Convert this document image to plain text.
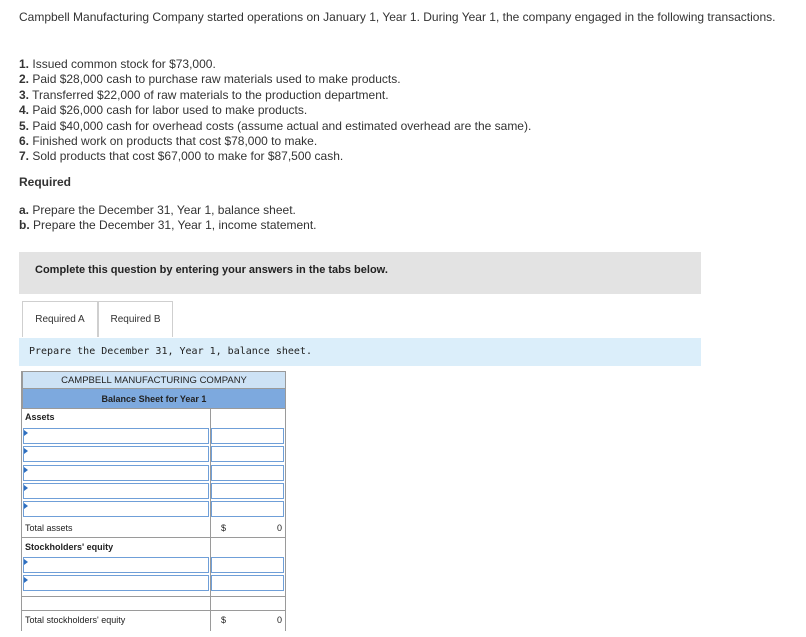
Campbell Manufacturing Company started operations on January 1, Year 1. During Year 1, the company engaged in the following transactions.
1. Issued common stock for $73,000.
2. Paid $28,000 cash to purchase raw materials used to make products.
3. Transferred $22,000 of raw materials to the production department.
4. Paid $26,000 cash for labor used to make products.
5. Paid $40,000 cash for overhead costs (assume actual and estimated overhead are the same).
6. Finished work on products that cost $78,000 to make.
7. Sold products that cost $67,000 to make for $87,500 cash.
Required
a. Prepare the December 31, Year 1, balance sheet.
b. Prepare the December 31, Year 1, income statement.
Complete this question by entering your answers in the tabs below.
Required A	Required B
Prepare the December 31, Year 1, balance sheet.
CAMPBELL MANUFACTURING COMPANY
Balance Sheet for Year 1
Assets
Total assets	$	0
Stockholders' equity
Total stockholders' equity	$	0
